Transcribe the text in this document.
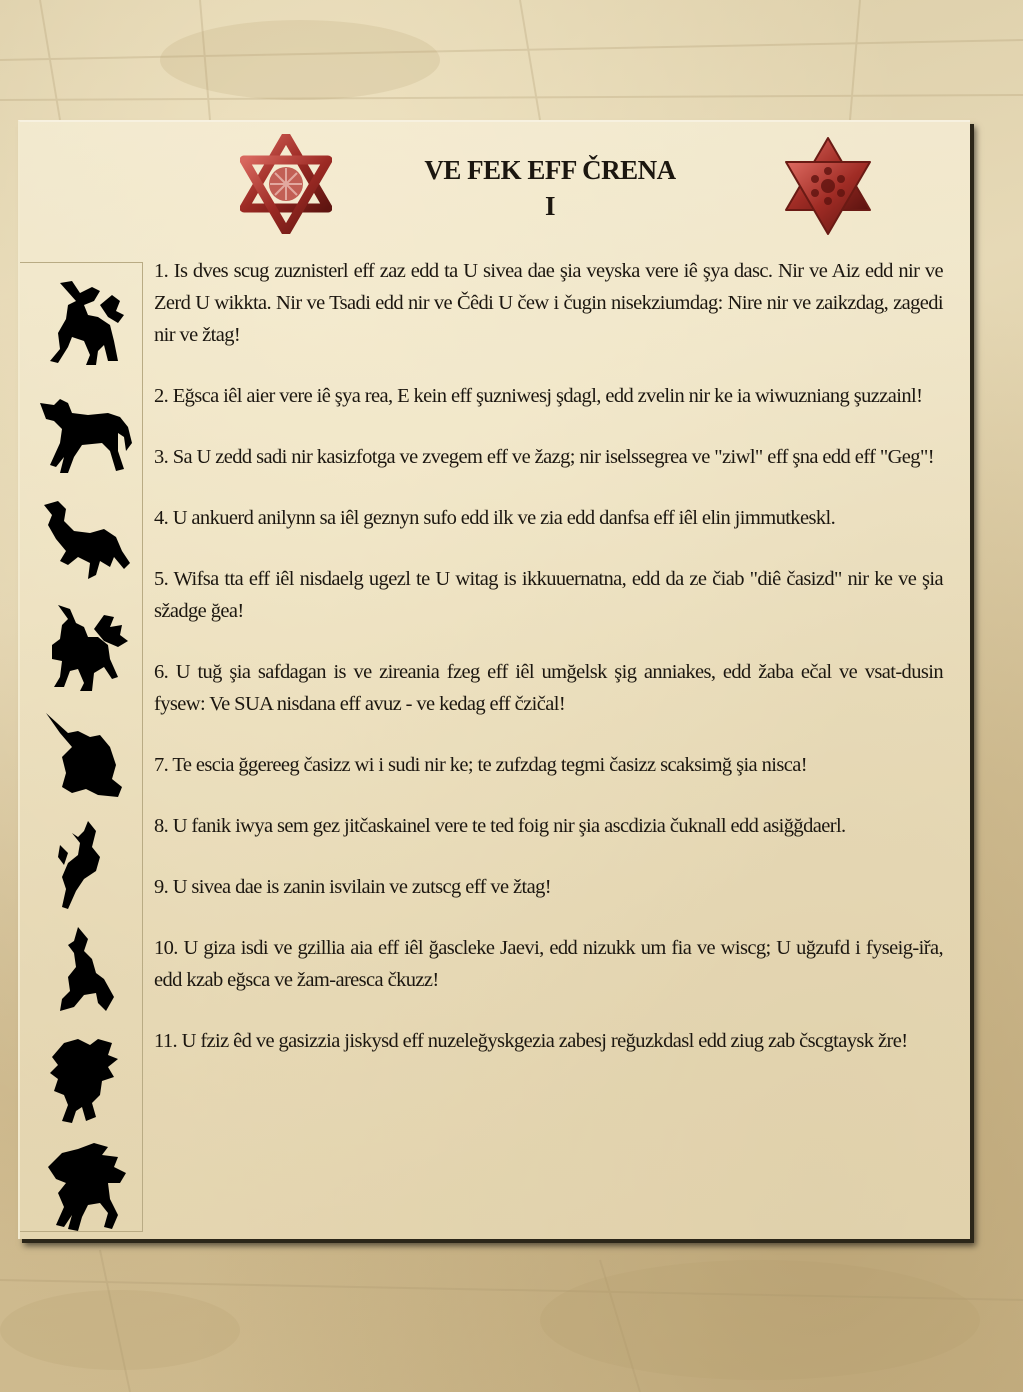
VE FEK EFF ČRENA
I

1. Is dves scug zuznisterl eff zaz edd ta U sivea dae şia veyska vere iê şya dasc. Nir ve Aiz edd nir ve Zerd U wikkta. Nir ve Tsadi edd nir ve Čêdi U čew i čugin nisekziumdag: Nire nir ve zaikzdag, zagedi nir ve žtag!

2. Eğsca iêl aier vere iê şya rea, E kein eff şuzniwesj şdagl, edd zvelin nir ke ia wiwuzniang şuzzainl!

3. Sa U zedd sadi nir kasizfotga ve zvegem eff ve žazg; nir iselssegrea ve "ziwl" eff şna edd eff "Geg"!

4. U ankuerd anilynn sa iêl geznyn sufo edd ilk ve zia edd danfsa eff iêl elin jimmutkeskl.

5. Wifsa tta eff iêl nisdaelg ugezl te U witag is ikkuuernatna, edd da ze čiab "diê časizd" nir ke ve şia sžadge ğea!

6. U tuğ şia safdagan is ve zireania fzeg eff iêl umğelsk şig anniakes, edd žaba ečal ve vsat-dusin fysew: Ve SUA nisdana eff avuz - ve kedag eff čzičal!

7. Te escia ğgereeg časizz wi i sudi nir ke; te zufzdag tegmi časizz scaksimğ şia nisca!

8. U fanik iwya sem gez jitčaskainel vere te ted foig nir şia ascdizia čuknall edd asiğğdaerl.

9. U sivea dae is zanin isvilain ve zutscg eff ve žtag!

10. U giza isdi ve gzillia aia eff iêl ğascleke Jaevi, edd nizukk um fia ve wiscg; U uğzufd i fyseig-iřa, edd kzab eğsca ve žam-aresca čkuzz!

11. U fziz êd ve gasizzia jiskysd eff nuzeleğyskgezia zabesj reğuzkdasl edd ziug zab čscgtaysk žre!
